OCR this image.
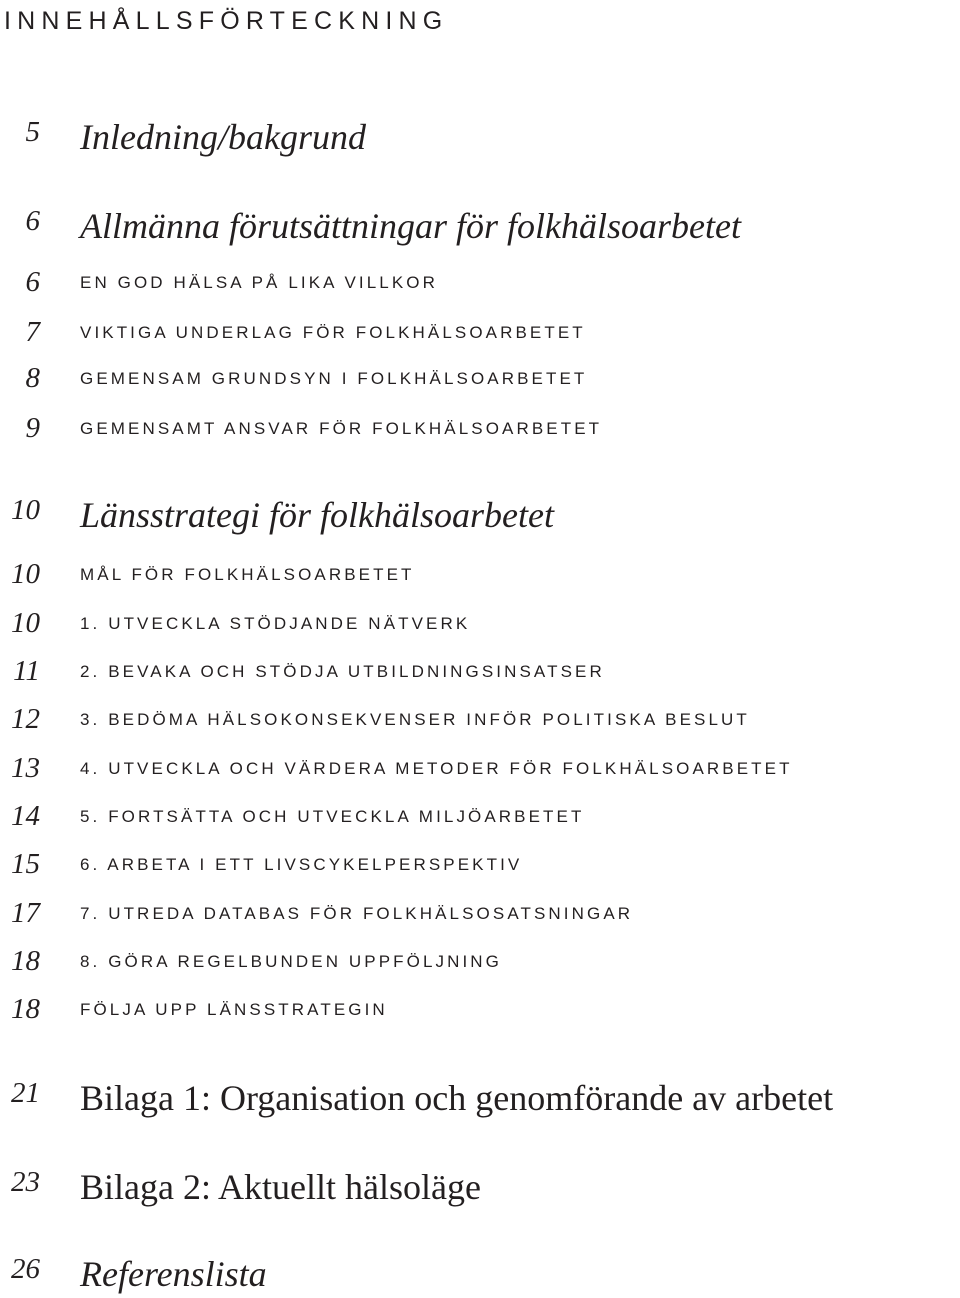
INNEHÅLLSFÖRTECKNING
5 Inledning/bakgrund
6 Allmänna förutsättningar för folkhälsoarbetet
6 EN GOD HÄLSA PÅ LIKA VILLKOR
7 VIKTIGA UNDERLAG FÖR FOLKHÄLSOARBETET
8 GEMENSAM GRUNDSYN I FOLKHÄLSOARBETET
9 GEMENSAMT ANSVAR FÖR FOLKHÄLSOARBETET
10 Länsstrategi för folkhälsoarbetet
10 MÅL FÖR FOLKHÄLSOARBETET
10 1. UTVECKLA STÖDJANDE NÄTVERK
11 2. BEVAKA OCH STÖDJA UTBILDNINGSINSATSER
12 3. BEDÖMA HÄLSOKONSEKVENSER INFÖR POLITISKA BESLUT
13 4. UTVECKLA OCH VÄRDERA METODER FÖR FOLKHÄLSOARBETET
14 5. FORTSÄTTA OCH UTVECKLA MILJÖARBETET
15 6. ARBETA I ETT LIVSCYKELPERSPEKTIV
17 7. UTREDA DATABAS FÖR FOLKHÄLSOSATSNINGAR
18 8. GÖRA REGELBUNDEN UPPFÖLJNING
18 FÖLJA UPP LÄNSSTRATEGIN
21 Bilaga 1: Organisation och genomförande av arbetet
23 Bilaga 2: Aktuellt hälsoläge
26 Referenslista
